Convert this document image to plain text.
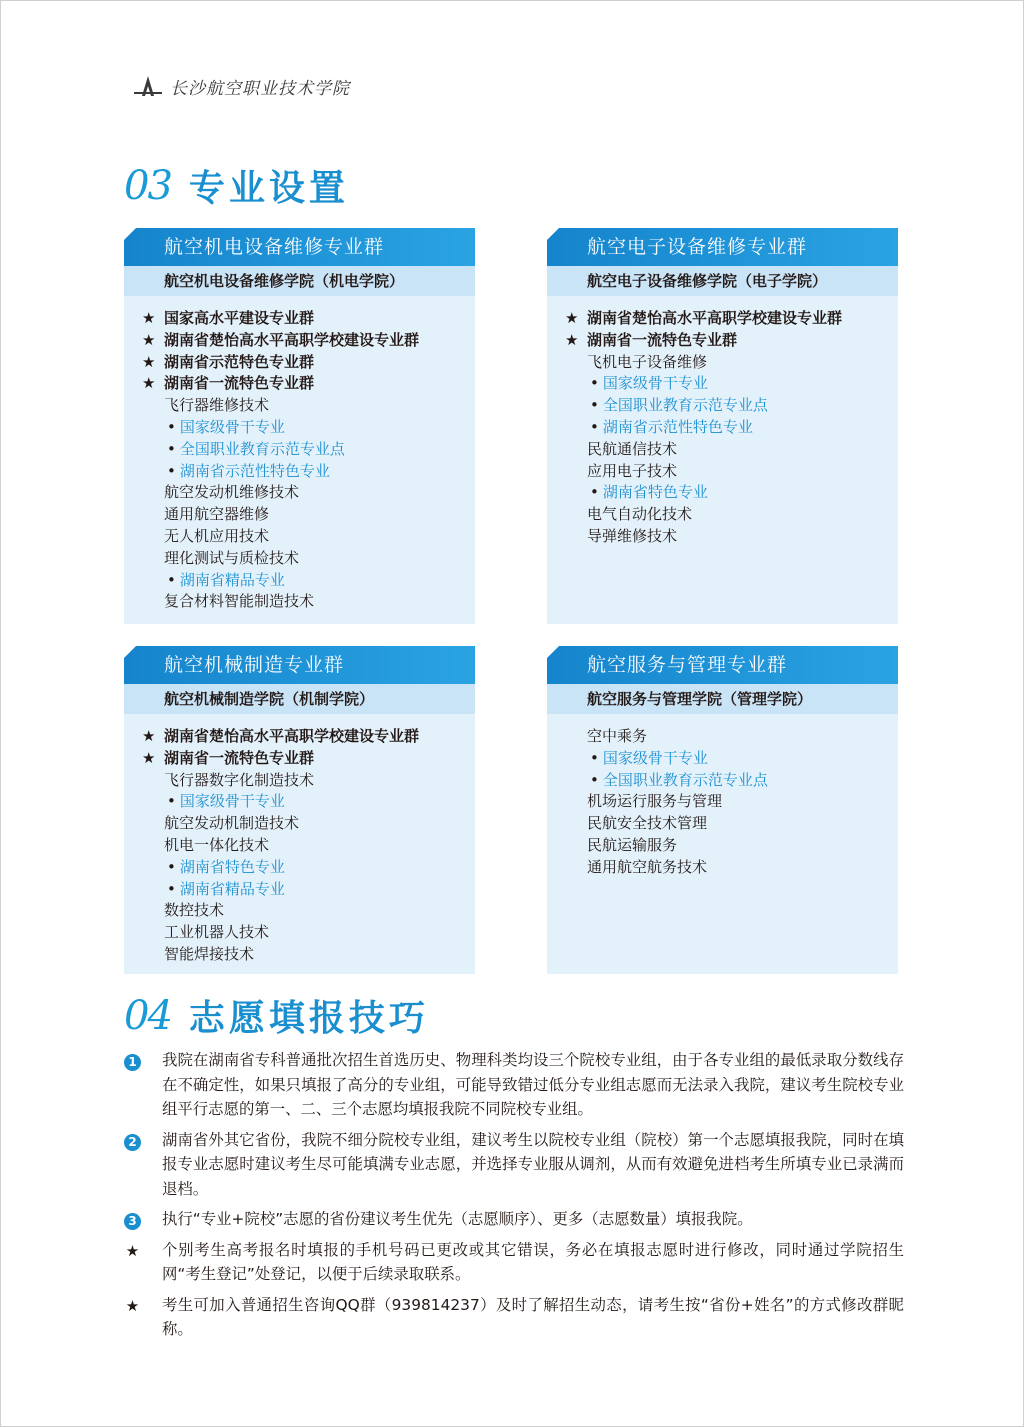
长沙航空职业技术学院
03 专业设置
航空机电设备维修专业群
航空机电设备维修学院（机电学院）
★ 国家高水平建设专业群
★ 湖南省楚怡高水平高职学校建设专业群
★ 湖南省示范特色专业群
★ 湖南省一流特色专业群
飞行器维修技术
• 国家级骨干专业
• 全国职业教育示范专业点
• 湖南省示范性特色专业
航空发动机维修技术
通用航空器维修
无人机应用技术
理化测试与质检技术
• 湖南省精品专业
复合材料智能制造技术
航空电子设备维修专业群
航空电子设备维修学院（电子学院）
★ 湖南省楚怡高水平高职学校建设专业群
★ 湖南省一流特色专业群
飞机电子设备维修
• 国家级骨干专业
• 全国职业教育示范专业点
• 湖南省示范性特色专业
民航通信技术
应用电子技术
• 湖南省特色专业
电气自动化技术
导弹维修技术
航空机械制造专业群
航空机械制造学院（机制学院）
★ 湖南省楚怡高水平高职学校建设专业群
★ 湖南省一流特色专业群
飞行器数字化制造技术
• 国家级骨干专业
航空发动机制造技术
机电一体化技术
• 湖南省特色专业
• 湖南省精品专业
数控技术
工业机器人技术
智能焊接技术
航空服务与管理专业群
航空服务与管理学院（管理学院）
空中乘务
• 国家级骨干专业
• 全国职业教育示范专业点
机场运行服务与管理
民航安全技术管理
民航运输服务
通用航空航务技术
04 志愿填报技巧
1	我院在湖南省专科普通批次招生首选历史、物理科类均设三个院校专业组，由于各专业组的最低录取分数线存在不确定性，如果只填报了高分的专业组，可能导致错过低分专业组志愿而无法录入我院，建议考生院校专业组平行志愿的第一、二、三个志愿均填报我院不同院校专业组。
2	湖南省外其它省份，我院不细分院校专业组，建议考生以院校专业组（院校）第一个志愿填报我院，同时在填报专业志愿时建议考生尽可能填满专业志愿，并选择专业服从调剂，从而有效避免进档考生所填专业已录满而退档。
3	执行“专业+院校”志愿的省份建议考生优先（志愿顺序）、更多（志愿数量）填报我院。
★	个别考生高考报名时填报的手机号码已更改或其它错误，务必在填报志愿时进行修改，同时通过学院招生网“考生登记”处登记，以便于后续录取联系。
★	考生可加入普通招生咨询QQ群（939814237）及时了解招生动态，请考生按“省份+姓名”的方式修改群昵称。
